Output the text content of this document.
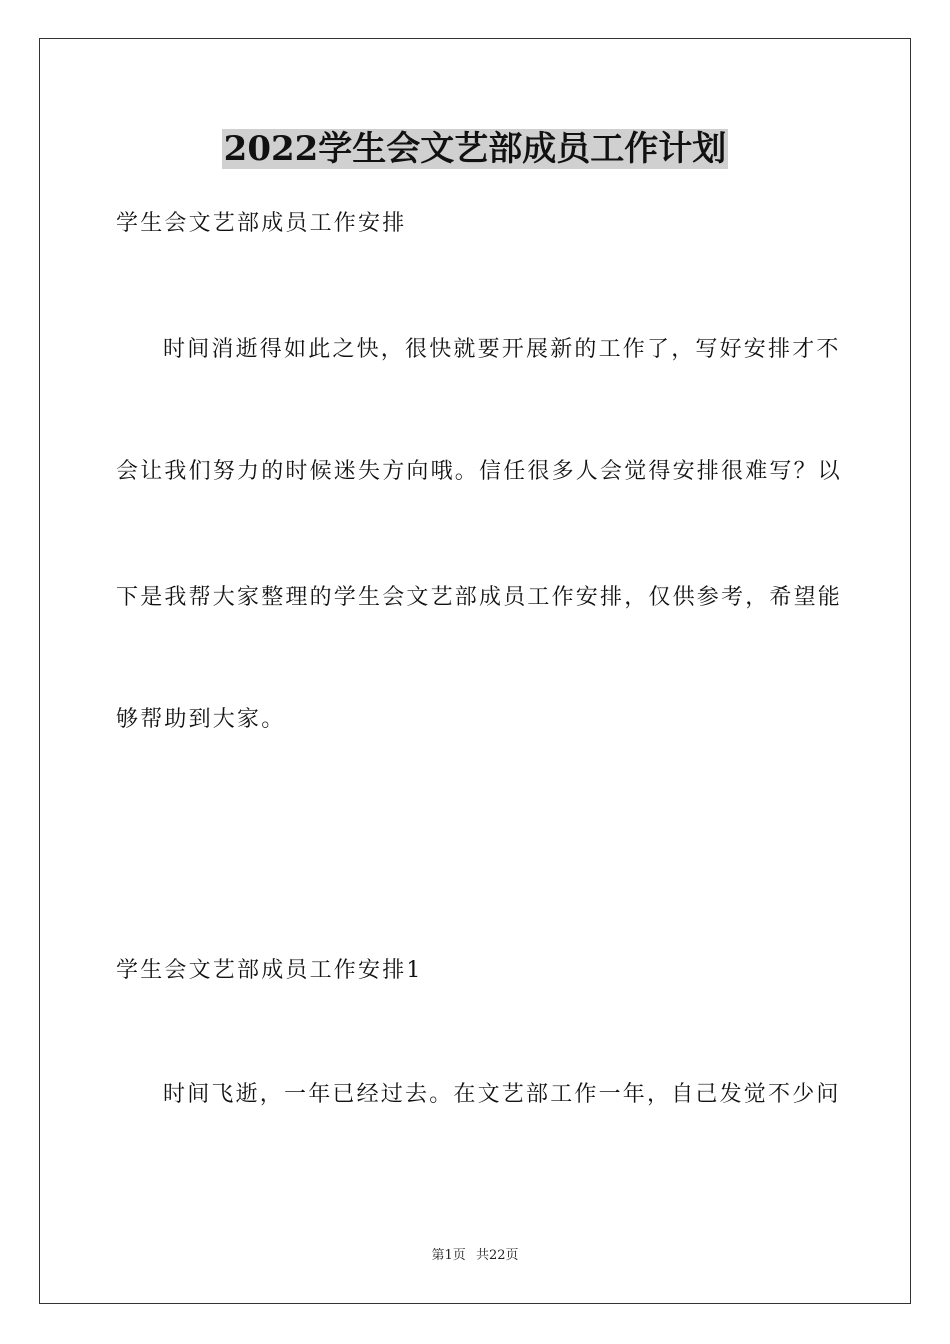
2022学生会文艺部成员工作计划
学生会文艺部成员工作安排
时间消逝得如此之快，很快就要开展新的工作了，写好安排才不
会让我们努力的时候迷失方向哦。信任很多人会觉得安排很难写？以
下是我帮大家整理的学生会文艺部成员工作安排，仅供参考，希望能
够帮助到大家。
学生会文艺部成员工作安排1
时间飞逝，一年已经过去。在文艺部工作一年，自己发觉不少问
第1页 共22页
